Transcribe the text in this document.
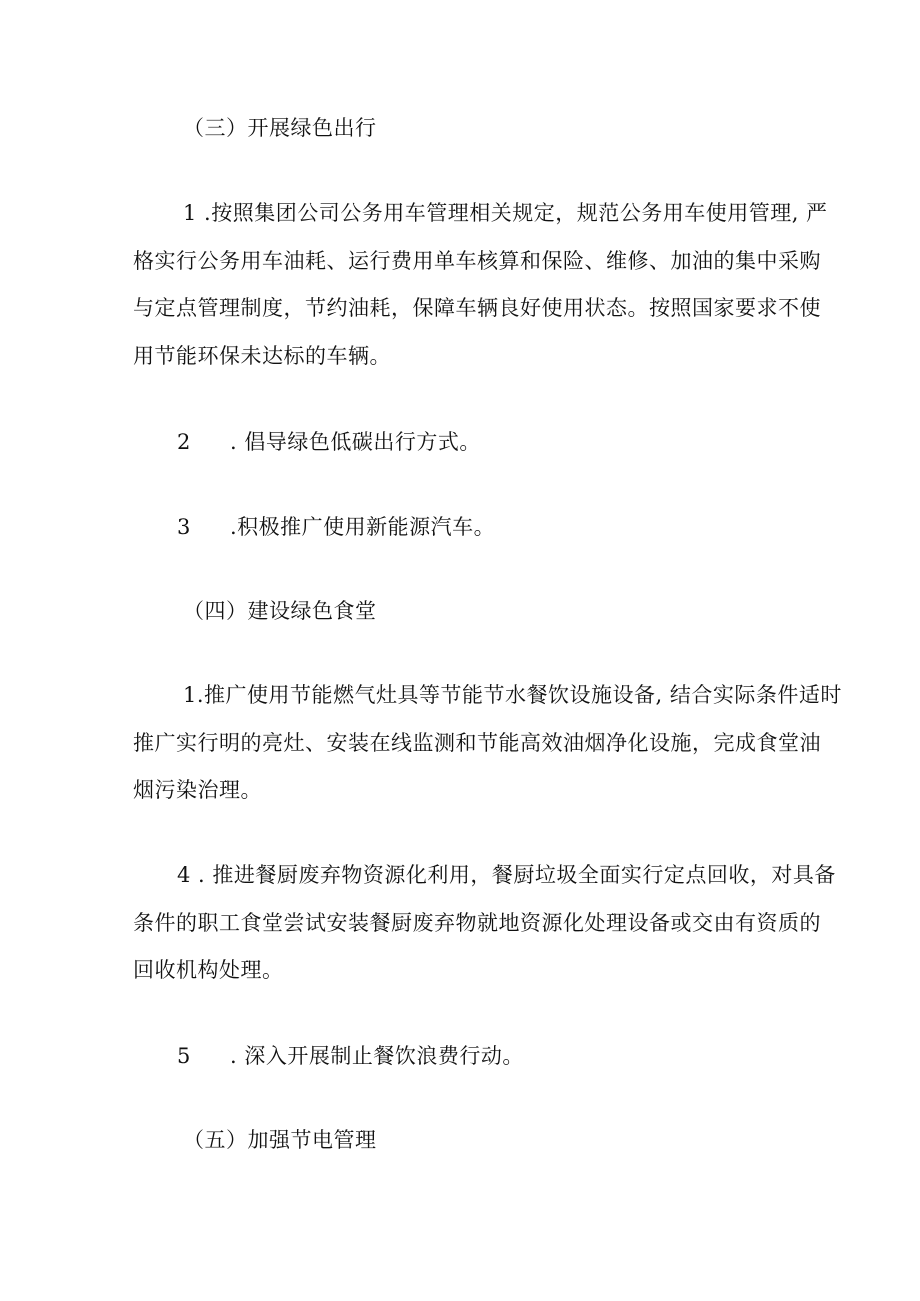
（三）开展绿色出行
1 .按照集团公司公务用车管理相关规定，规范公务用车使用管理, 严
格实行公务用车油耗、运行费用单车核算和保险、维修、加油的集中采购
与定点管理制度，节约油耗，保障车辆良好使用状态。按照国家要求不使
用节能环保未达标的车辆。
2 . 倡导绿色低碳出行方式。
3 .积极推广使用新能源汽车。
（四）建设绿色食堂
1.推广使用节能燃气灶具等节能节水餐饮设施设备, 结合实际条件适时
推广实行明的亮灶、安装在线监测和节能高效油烟净化设施，完成食堂油
烟污染治理。
4 . 推进餐厨废弃物资源化利用，餐厨垃圾全面实行定点回收，对具备
条件的职工食堂尝试安装餐厨废弃物就地资源化处理设备或交由有资质的
回收机构处理。
5 . 深入开展制止餐饮浪费行动。
（五）加强节电管理
